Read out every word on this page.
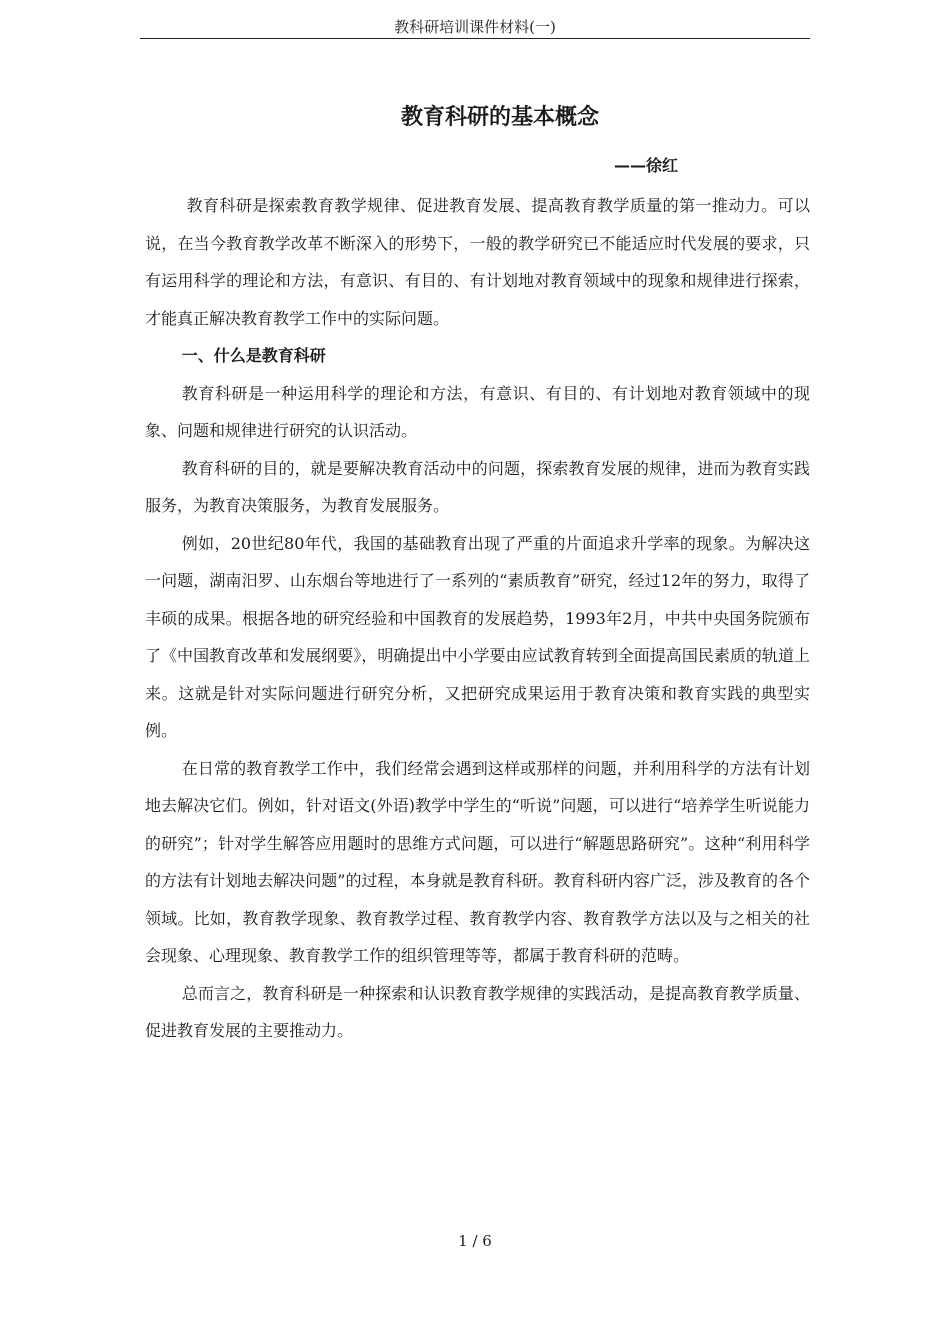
教科研培训课件材料(一)
教育科研的基本概念
——徐红

教育科研是探索教育教学规律、促进教育发展、提高教育教学质量的第一推动力。可以说，在当今教育教学改革不断深入的形势下，一般的教学研究已不能适应时代发展的要求，只有运用科学的理论和方法，有意识、有目的、有计划地对教育领域中的现象和规律进行探索，才能真正解决教育教学工作中的实际问题。

一、什么是教育科研

教育科研是一种运用科学的理论和方法，有意识、有目的、有计划地对教育领域中的现象、问题和规律进行研究的认识活动。

教育科研的目的，就是要解决教育活动中的问题，探索教育发展的规律，进而为教育实践服务，为教育决策服务，为教育发展服务。

例如，20世纪80年代，我国的基础教育出现了严重的片面追求升学率的现象。为解决这一问题，湖南汨罗、山东烟台等地进行了一系列的“素质教育”研究，经过12年的努力，取得了丰硕的成果。根据各地的研究经验和中国教育的发展趋势，1993年2月，中共中央国务院颁布了《中国教育改革和发展纲要》，明确提出中小学要由应试教育转到全面提高国民素质的轨道上来。这就是针对实际问题进行研究分析，又把研究成果运用于教育决策和教育实践的典型实例。

在日常的教育教学工作中，我们经常会遇到这样或那样的问题，并利用科学的方法有计划地去解决它们。例如，针对语文(外语)教学中学生的“听说”问题，可以进行“培养学生听说能力的研究”；针对学生解答应用题时的思维方式问题，可以进行“解题思路研究”。这种“利用科学的方法有计划地去解决问题”的过程，本身就是教育科研。教育科研内容广泛，涉及教育的各个领域。比如，教育教学现象、教育教学过程、教育教学内容、教育教学方法以及与之相关的社会现象、心理现象、教育教学工作的组织管理等等，都属于教育科研的范畴。

总而言之，教育科研是一种探索和认识教育教学规律的实践活动，是提高教育教学质量、促进教育发展的主要推动力。

1 / 6
